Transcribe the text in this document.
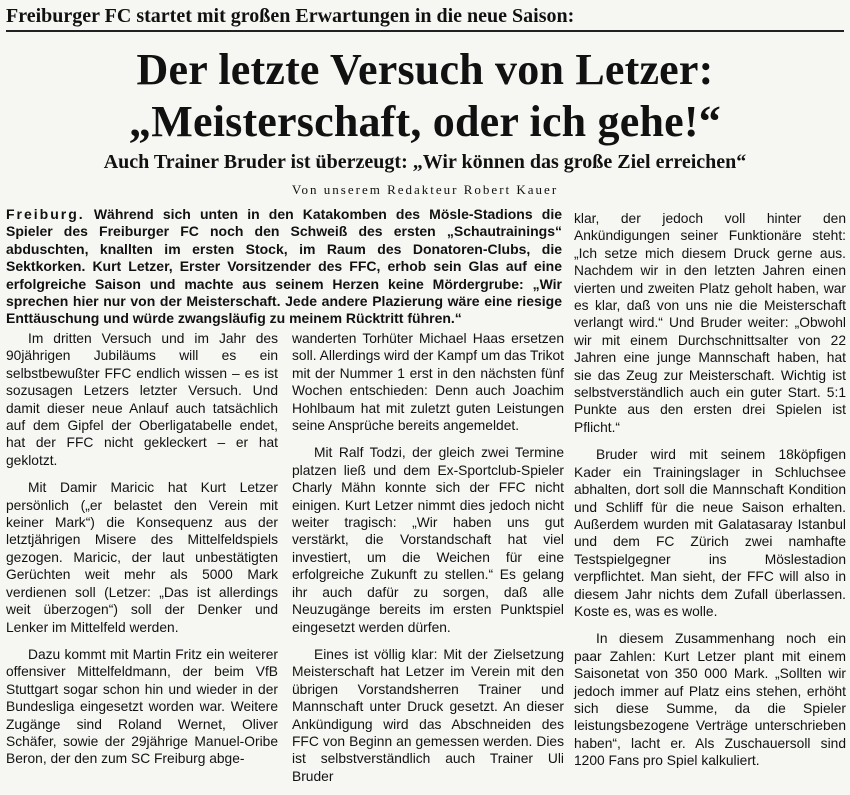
Freiburger FC startet mit großen Erwartungen in die neue Saison:
Der letzte Versuch von Letzer:
„Meisterschaft, oder ich gehe!“
Auch Trainer Bruder ist überzeugt: „Wir können das große Ziel erreichen“
Von unserem Redakteur Robert Kauer
Freiburg. Während sich unten in den Katakomben des Mösle-Stadions die Spieler des Freiburger FC noch den Schweiß des ersten „Schautrainings“ abduschten, knallten im ersten Stock, im Raum des Donatoren-Clubs, die Sektkorken. Kurt Letzer, Erster Vorsitzender des FFC, erhob sein Glas auf eine erfolgreiche Saison und machte aus seinem Herzen keine Mördergrube: „Wir sprechen hier nur von der Meisterschaft. Jede andere Plazierung wäre eine riesige Enttäuschung und würde zwangsläufig zu meinem Rücktritt führen.“

Im dritten Versuch und im Jahr des 90jährigen Jubiläums will es ein selbstbewußter FFC endlich wissen – es ist sozusagen Letzers letzter Versuch. Und damit dieser neue Anlauf auch tatsächlich auf dem Gipfel der Oberligatabelle endet, hat der FFC nicht gekleckert – er hat geklotzt.

Mit Damir Maricic hat Kurt Letzer persönlich („er belastet den Verein mit keiner Mark“) die Konsequenz aus der letztjährigen Misere des Mittelfeldspiels gezogen. Maricic, der laut unbestätigten Gerüchten weit mehr als 5000 Mark verdienen soll (Letzer: „Das ist allerdings weit überzogen“) soll der Denker und Lenker im Mittelfeld werden.

Dazu kommt mit Martin Fritz ein weiterer offensiver Mittelfeldmann, der beim VfB Stuttgart sogar schon hin und wieder in der Bundesliga eingesetzt worden war. Weitere Zugänge sind Roland Wernet, Oliver Schäfer, sowie der 29jährige Manuel-Oribe Beron, der den zum SC Freiburg abge-

wanderten Torhüter Michael Haas ersetzen soll. Allerdings wird der Kampf um das Trikot mit der Nummer 1 erst in den nächsten fünf Wochen entschieden: Denn auch Joachim Hohlbaum hat mit zuletzt guten Leistungen seine Ansprüche bereits angemeldet.

Mit Ralf Todzi, der gleich zwei Termine platzen ließ und dem Ex-Sportclub-Spieler Charly Mähn konnte sich der FFC nicht einigen. Kurt Letzer nimmt dies jedoch nicht weiter tragisch: „Wir haben uns gut verstärkt, die Vorstandschaft hat viel investiert, um die Weichen für eine erfolgreiche Zukunft zu stellen.“ Es gelang ihr auch dafür zu sorgen, daß alle Neuzugänge bereits im ersten Punktspiel eingesetzt werden dürfen.

Eines ist völlig klar: Mit der Zielsetzung Meisterschaft hat Letzer im Verein mit den übrigen Vorstandsherren Trainer und Mannschaft unter Druck gesetzt. An dieser Ankündigung wird das Abschneiden des FFC von Beginn an gemessen werden. Dies ist selbstverständlich auch Trainer Uli Bruder

klar, der jedoch voll hinter den Ankündigungen seiner Funktionäre steht: „Ich setze mich diesem Druck gerne aus. Nachdem wir in den letzten Jahren einen vierten und zweiten Platz geholt haben, war es klar, daß von uns nie die Meisterschaft verlangt wird.“ Und Bruder weiter: „Obwohl wir mit einem Durchschnittsalter von 22 Jahren eine junge Mannschaft haben, hat sie das Zeug zur Meisterschaft. Wichtig ist selbstverständlich auch ein guter Start. 5:1 Punkte aus den ersten drei Spielen ist Pflicht.“

Bruder wird mit seinem 18köpfigen Kader ein Trainingslager in Schluchsee abhalten, dort soll die Mannschaft Kondition und Schliff für die neue Saison erhalten. Außerdem wurden mit Galatasaray Istanbul und dem FC Zürich zwei namhafte Testspielgegner ins Möslestadion verpflichtet. Man sieht, der FFC will also in diesem Jahr nichts dem Zufall überlassen. Koste es, was es wolle.

In diesem Zusammenhang noch ein paar Zahlen: Kurt Letzer plant mit einem Saisonetat von 350 000 Mark. „Sollten wir jedoch immer auf Platz eins stehen, erhöht sich diese Summe, da die Spieler leistungsbezogene Verträge unterschrieben haben“, lacht er. Als Zuschauersoll sind 1200 Fans pro Spiel kalkuliert.
